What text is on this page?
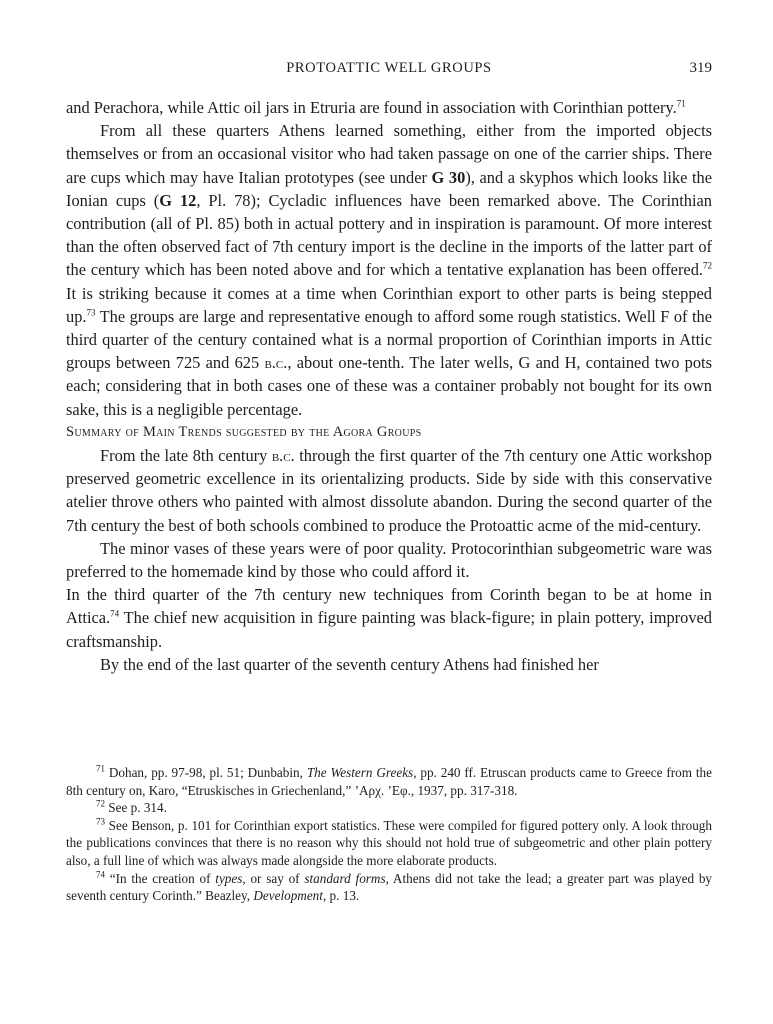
PROTOATTIC WELL GROUPS	319

and Perachora, while Attic oil jars in Etruria are found in association with Corinthian pottery.$^{71}$

From all these quarters Athens learned something, either from the imported objects themselves or from an occasional visitor who had taken passage on one of the carrier ships. There are cups which may have Italian prototypes (see under G 30), and a skyphos which looks like the Ionian cups (G 12, Pl. 78); Cycladic influences have been remarked above. The Corinthian contribution (all of Pl. 85) both in actual pottery and in inspiration is paramount. Of more interest than the often observed fact of 7th century import is the decline in the imports of the latter part of the century which has been noted above and for which a tentative explanation has been offered.$^{72}$ It is striking because it comes at a time when Corinthian export to other parts is being stepped up.$^{73}$ The groups are large and representative enough to afford some rough statistics. Well F of the third quarter of the century contained what is a normal proportion of Corinthian imports in Attic groups between 725 and 625 b.c., about one-tenth. The later wells, G and H, contained two pots each; considering that in both cases one of these was a container probably not bought for its own sake, this is a negligible percentage.

Summary of Main Trends suggested by the Agora Groups

From the late 8th century b.c. through the first quarter of the 7th century one Attic workshop preserved geometric excellence in its orientalizing products. Side by side with this conservative atelier throve others who painted with almost dissolute abandon. During the second quarter of the 7th century the best of both schools combined to produce the Protoattic acme of the mid-century.

The minor vases of these years were of poor quality. Protocorinthian subgeometric ware was preferred to the homemade kind by those who could afford it.

In the third quarter of the 7th century new techniques from Corinth began to be at home in Attica.$^{74}$ The chief new acquisition in figure painting was black-figure; in plain pottery, improved craftsmanship.

By the end of the last quarter of the seventh century Athens had finished her

$^{71}$ Dohan, pp. 97-98, pl. 51; Dunbabin, The Western Greeks, pp. 240 ff. Etruscan products came to Greece from the 8th century on, Karo, “Etruskisches in Griechenland,” ’Αρχ. ’Εφ., 1937, pp. 317-318.

$^{72}$ See p. 314.

$^{73}$ See Benson, p. 101 for Corinthian export statistics. These were compiled for figured pottery only. A look through the publications convinces that there is no reason why this should not hold true of subgeometric and other plain pottery also, a full line of which was always made alongside the more elaborate products.

$^{74}$ “In the creation of types, or say of standard forms, Athens did not take the lead; a greater part was played by seventh century Corinth.” Beazley, Development, p. 13.
